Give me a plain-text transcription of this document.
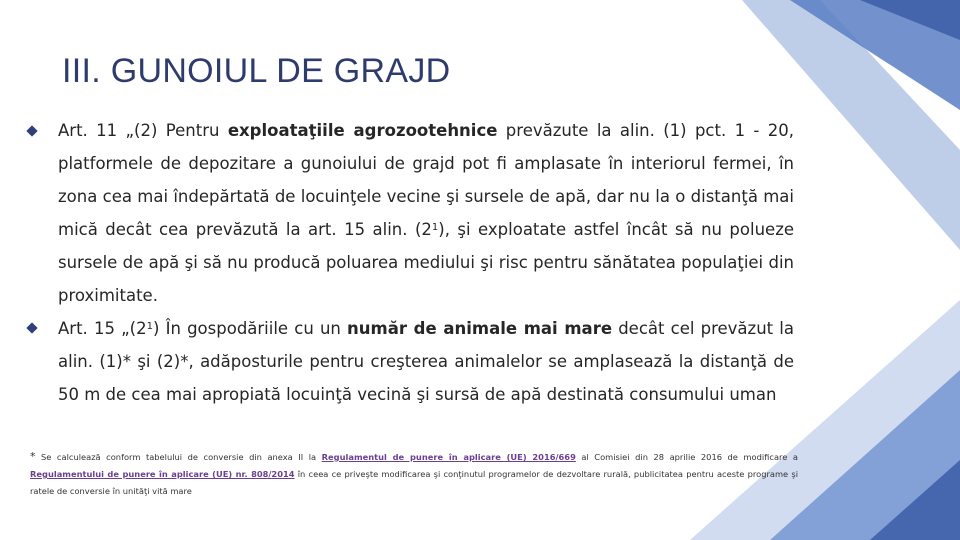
III. GUNOIUL DE GRAJD
Art. 11 „(2) Pentru exploataţiile agrozootehnice prevăzute la alin. (1) pct. 1 - 20, platformele de depozitare a gunoiului de grajd pot fi amplasate în interiorul fermei, în zona cea mai îndepărtată de locuinţele vecine şi sursele de apă, dar nu la o distanţă mai mică decât cea prevăzută la art. 15 alin. $(2^1)$, şi exploatate astfel încât să nu polueze sursele de apă şi să nu producă poluarea mediului şi risc pentru sănătatea populaţiei din proximitate.
Art. 15 $„(2^1)$ În gospodăriile cu un număr de animale mai mare decât cel prevăzut la alin. (1)* şi (2)*, adăposturile pentru creşterea animalelor se amplasează la distanţă de 50 m de cea mai apropiată locuinţă vecină şi sursă de apă destinată consumului uman
* Se calculează conform tabelului de conversie din anexa II la Regulamentul de punere în aplicare (UE) 2016/669 al Comisiei din 28 aprilie 2016 de modificare a Regulamentului de punere în aplicare (UE) nr. 808/2014 în ceea ce priveşte modificarea şi conţinutul programelor de dezvoltare rurală, publicitatea pentru aceste programe şi ratele de conversie în unităţi vită mare
